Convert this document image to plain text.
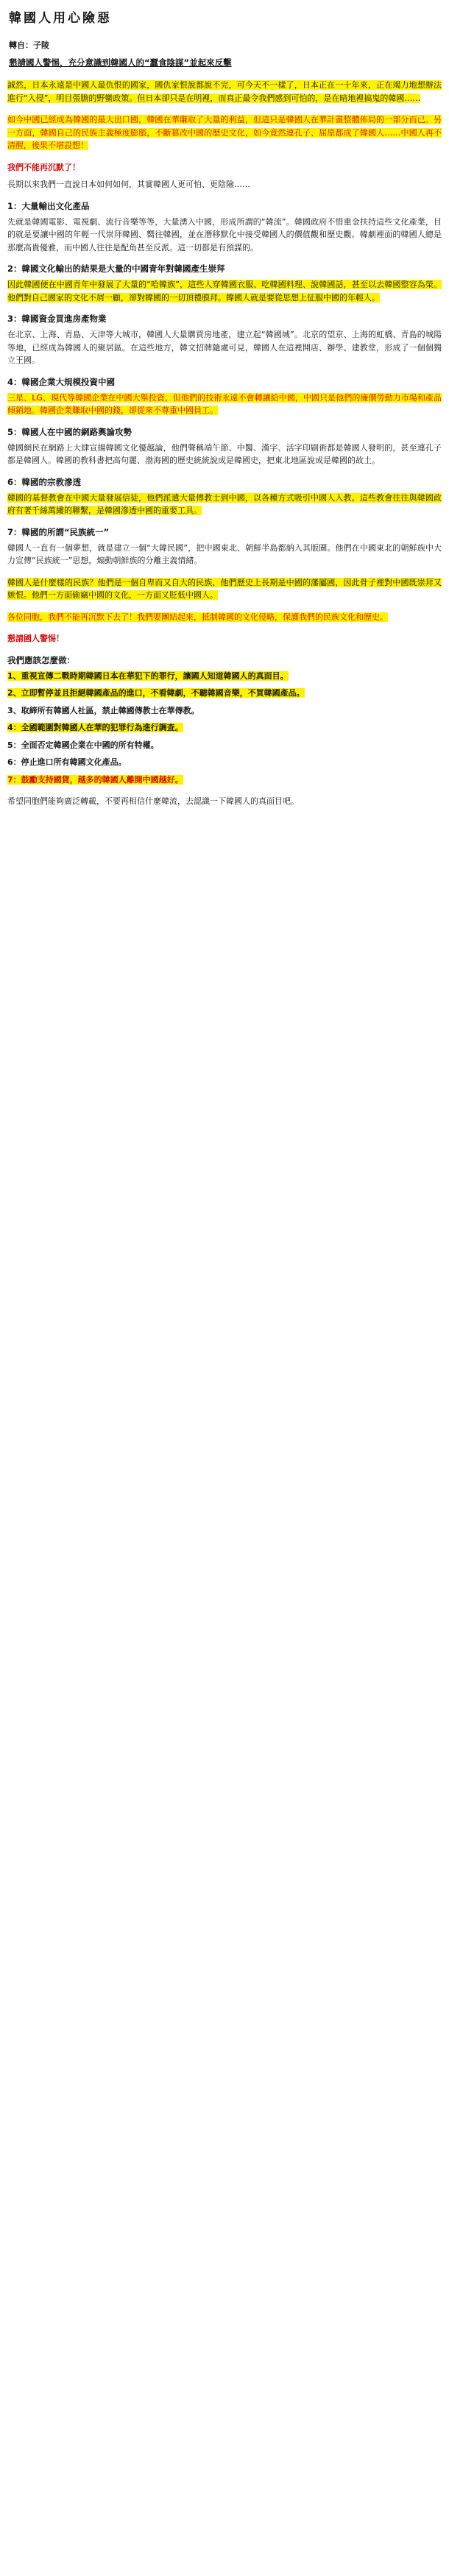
韓國人用心險惡
轉自：子陵
懇請國人警惕，充分意識到韓國人的“蠶食陰謀”並起來反擊

誠然，日本永遠是中國人最仇恨的國家，國仇家恨說都說不完，可今天不一樣了，日本正在一十年來，正在竭力地想辦法進行“入侵”，明目張膽的野蠻政策。但日本卻只是在明裡，而真正最令我們感到可怕的，是在暗地裡搞鬼的韓國……

如今中國已經成為韓國的最大出口國，韓國在華賺取了大量的利益，但這只是韓國人在華計畫整體佈局的一部分而已。另一方面，韓國自己的民族主義極度膨脹，不斷篡改中國的歷史文化，如今竟然連孔子、屈原都成了韓國人……中國人再不清醒，後果不堪設想！

我們不能再沉默了！

長期以來我們一直說日本如何如何，其實韓國人更可怕、更陰險……

1：大量輸出文化產品

先就是韓國電影、電視劇、流行音樂等等，大量湧入中國，形成所謂的“韓流”。韓國政府不惜重金扶持這些文化產業，目的就是要讓中國的年輕一代崇拜韓國、嚮往韓國，並在潛移默化中接受韓國人的價值觀和歷史觀。韓劇裡面的韓國人總是那麼高貴優雅，而中國人往往是配角甚至反派。這一切都是有預謀的。

2：韓國文化輸出的結果是大量的中國青年對韓國產生崇拜

因此韓國便在中國青年中發展了大量的“哈韓族”，這些人穿韓國衣服、吃韓國料理、說韓國話，甚至以去韓國整容為榮。他們對自己國家的文化不屑一顧，卻對韓國的一切頂禮膜拜。韓國人就是要從思想上征服中國的年輕人。

3：韓國資金買進房產物業

在北京、上海、青島、天津等大城市，韓國人大量購買房地產，建立起“韓國城”。北京的望京、上海的虹橋、青島的城陽等地，已經成為韓國人的聚居區。在這些地方，韓文招牌隨處可見，韓國人在這裡開店、辦學、建教堂，形成了一個個獨立王國。

4：韓國企業大規模投資中國

三星、LG、現代等韓國企業在中國大舉投資，但他們的技術永遠不會轉讓給中國，中國只是他們的廉價勞動力市場和產品傾銷地。韓國企業賺取中國的錢，卻從來不尊重中國員工。

5：韓國人在中國的網路輿論攻勢

韓國網民在網路上大肆宣揚韓國文化優越論，他們聲稱端午節、中醫、漢字、活字印刷術都是韓國人發明的，甚至連孔子都是韓國人。韓國的教科書把高句麗、渤海國的歷史統統說成是韓國史，把東北地區說成是韓國的故土。

6：韓國的宗教滲透

韓國的基督教會在中國大量發展信徒，他們派遣大量傳教士到中國，以各種方式吸引中國人入教。這些教會往往與韓國政府有著千絲萬縷的聯繫，是韓國滲透中國的重要工具。

7：韓國的所謂“民族統一”

韓國人一直有一個夢想，就是建立一個“大韓民國”，把中國東北、朝鮮半島都納入其版圖。他們在中國東北的朝鮮族中大力宣傳“民族統一”思想，煽動朝鮮族的分離主義情緒。

韓國人是什麼樣的民族？他們是一個自卑而又自大的民族，他們歷史上長期是中國的藩屬國，因此骨子裡對中國既崇拜又嫉恨。他們一方面偷竊中國的文化，一方面又貶低中國人。

各位同胞，我們不能再沉默下去了！我們要團結起來，抵制韓國的文化侵略，保護我們的民族文化和歷史。

懇請國人警惕！

我們應該怎麼做：

1、重視宣傳二戰時期韓國日本在華犯下的罪行，讓國人知道韓國人的真面目。

2、立即暫停並且拒絕韓國產品的進口，不看韓劇，不聽韓國音樂，不買韓國產品。

3、取締所有韓國人社區，禁止韓國傳教士在華傳教。

4：全國範圍對韓國人在華的犯罪行為進行調查。

5：全面否定韓國企業在中國的所有特權。

6：停止進口所有韓國文化產品。

7：鼓勵支持國貨，越多的韓國人離開中國越好。

希望同胞們能夠廣泛轉載，不要再相信什麼韓流，去認識一下韓國人的真面目吧。
